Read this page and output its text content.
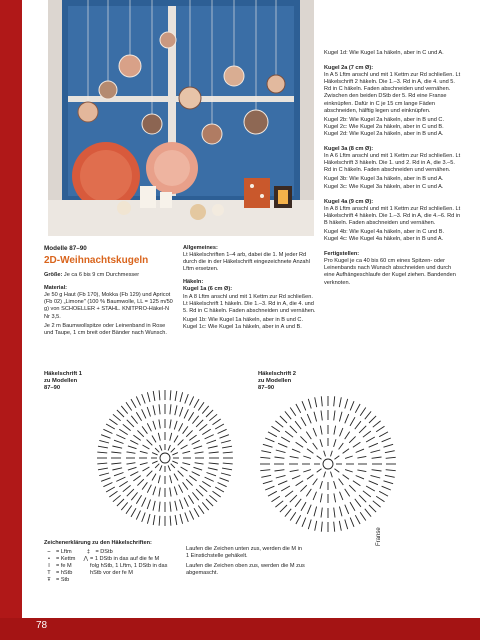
78
Modelle 87–90
2D-Weihnachtskugeln

Größe: Je ca 6 bis 9 cm Durchmesser

Material:

Je 50 g Haut (Fb 170), Mokka (Fb 129) und Apricot (Fb 02) „Limone" (100 % Baumwolle, LL = 125 m/50 g) von SCHOELLER + STAHL. KNITPRO-Häkel-N Nr 3,5.

Je 2 m Baumwollspitze oder Leinenband in Rose und Taupe, 1 cm breit oder Bänder nach Wunsch.

Allgemeines:

Lt Häkelschriften 1–4 arb, dabei die 1. M jeder Rd durch die in der Häkelschrift eingezeichnete Anzahl Lftm ersetzen.

Häkeln:
Kugel 1a (6 cm Ø):

In A 8 Lftm anschl und mit 1 Kettm zur Rd schließen. Lt Häkelschrift 1 häkeln. Die 1.–3. Rd in A, die 4. und 5. Rd in C häkeln. Faden abschneiden und vernähen.

Kugel 1b: Wie Kugel 1a häkeln, aber in B und C.

Kugel 1c: Wie Kugel 1a häkeln, aber in A und B.

Kugel 1d: Wie Kugel 1a häkeln, aber in C und A.

Kugel 2a (7 cm Ø):

In A 5 Lftm anschl und mit 1 Kettm zur Rd schließen. Lt Häkelschrift 2 häkeln. Die 1.–3. Rd in A, die 4. und 5. Rd in C häkeln. Faden abschneiden und vernähen. Zwischen den beiden DStb der 5. Rd eine Franse einknüpfen. Dafür in C je 15 cm lange Fäden abschneiden, hälftig legen und einknüpfen.

Kugel 2b: Wie Kugel 2a häkeln, aber in B und C.

Kugel 2c: Wie Kugel 2a häkeln, aber in C und B.

Kugel 2d: Wie Kugel 2a häkeln, aber in B und A.

Kugel 3a (8 cm Ø):

In A 6 Lftm anschl und mit 1 Kettm zur Rd schließen. Lt Häkelschrift 3 häkeln. Die 1. und 2. Rd in A, die 3.–5. Rd in C häkeln. Faden abschneiden und vernähen.

Kugel 3b: Wie Kugel 3a häkeln, aber in B und A.

Kugel 3c: Wie Kugel 3a häkeln, aber in C und A.

Kugel 4a (9 cm Ø):

In A 8 Lftm anschl und mit 1 Kettm zur Rd schließen. Lt Häkelschrift 4 häkeln. Die 1.–3. Rd in A, die 4.–6. Rd in B häkeln. Faden abschneiden und vernähen.

Kugel 4b: Wie Kugel 4a häkeln, aber in C und B.

Kugel 4c: Wie Kugel 4a häkeln, aber in B und A.

Fertigstellen:

Pro Kugel je ca 40 bis 60 cm eines Spitzen- oder Leinenbands nach Wunsch abschneiden und durch eine Aufhängeschlaufe der Kugel ziehen. Bandenden verknoten.

Häkelschrift 1
zu Modellen
87–90
Häkelschrift 2
zu Modellen
87–90
Franse
Zeichenerklärung zu den Häkelschriften:
⌢ = Lftm
•	= Kettm
I	= fe M
T = hStb
Ŧ = Stb
‡ = DStb
⋀ = 1 DStb in das auf die fe M folg hStb, 1 Lftm, 1 DStb in das hStb vor der fe M

Laufen die Zeichen unten zus, werden die M in 1 Einstichstelle gehäkelt.

Laufen die Zeichen oben zus, werden die M zus abgemascht.
